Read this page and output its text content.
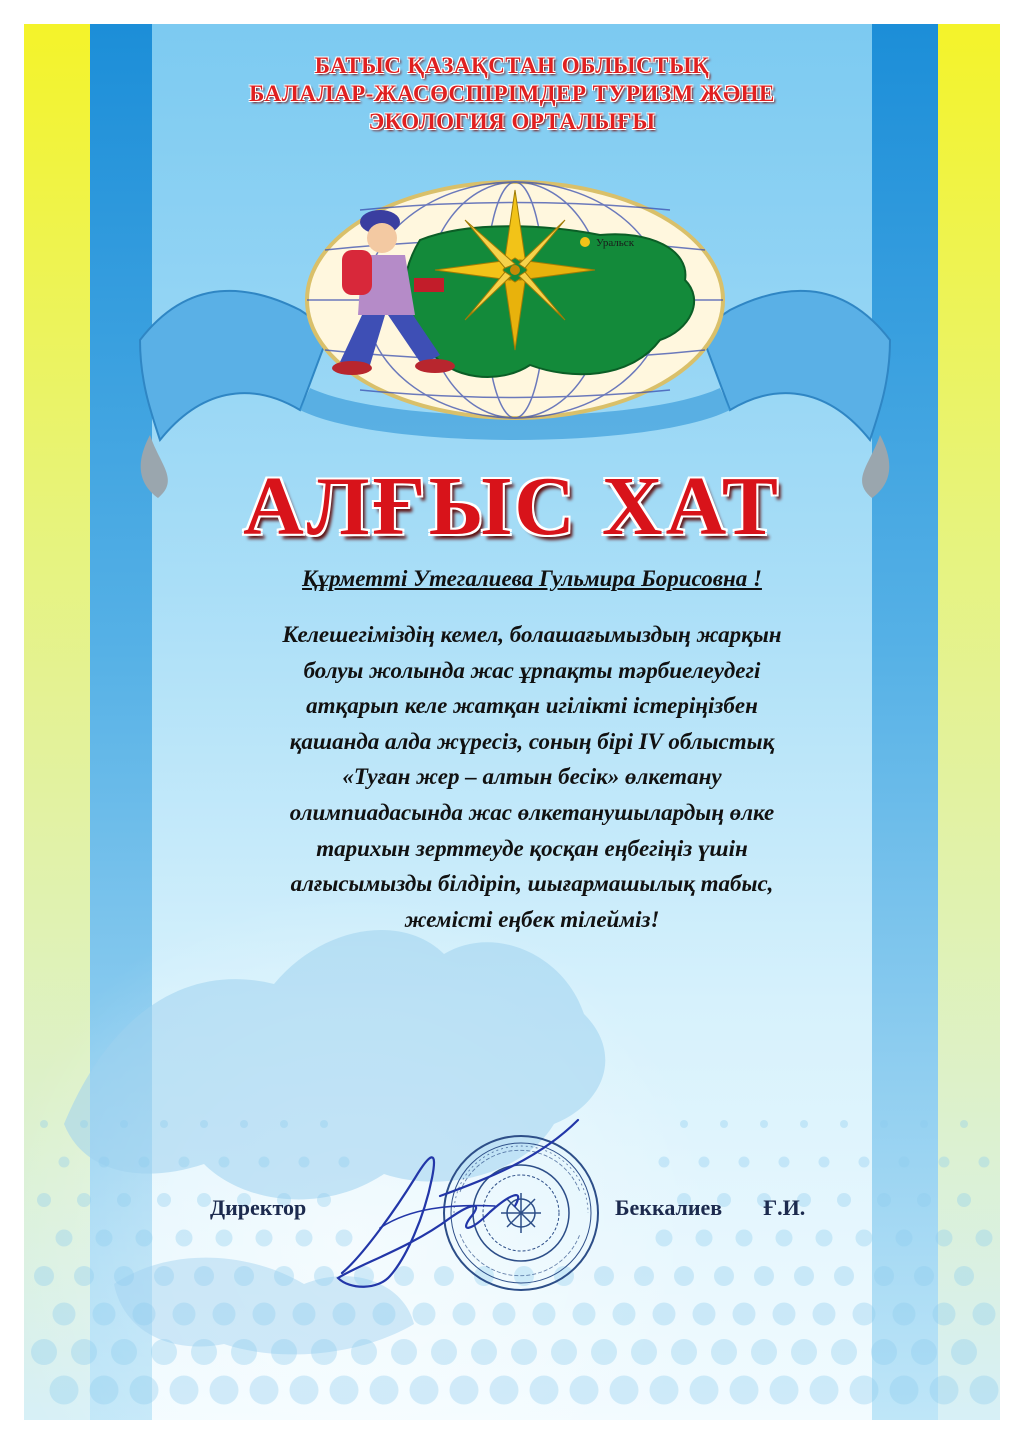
БАТЫС ҚАЗАҚСТАН ОБЛЫСТЫҚ
БАЛАЛАР-ЖАСӨСПІРІМДЕР ТУРИЗМ ЖӘНЕ
ЭКОЛОГИЯ ОРТАЛЫҒЫ
Уральск
АЛҒЫС ХАТ
Құрметті Утегалиева Гульмира Борисовна !
Келешегіміздің кемел, болашағымыздың жарқын
болуы жолында жас ұрпақты тәрбиелеудегі
атқарып келе жатқан игілікті істеріңізбен
қашанда алда жүресіз, соның бірі IV облыстық
«Туған жер – алтын бесік» өлкетану
олимпиадасында жас өлкетанушылардың өлке
тарихын зерттеуде қосқан еңбегіңіз үшін
алғысымызды білдіріп, шығармашылық табыс,
жемісті еңбек тілейміз!
Директор	Беккалиев Ғ.И.
